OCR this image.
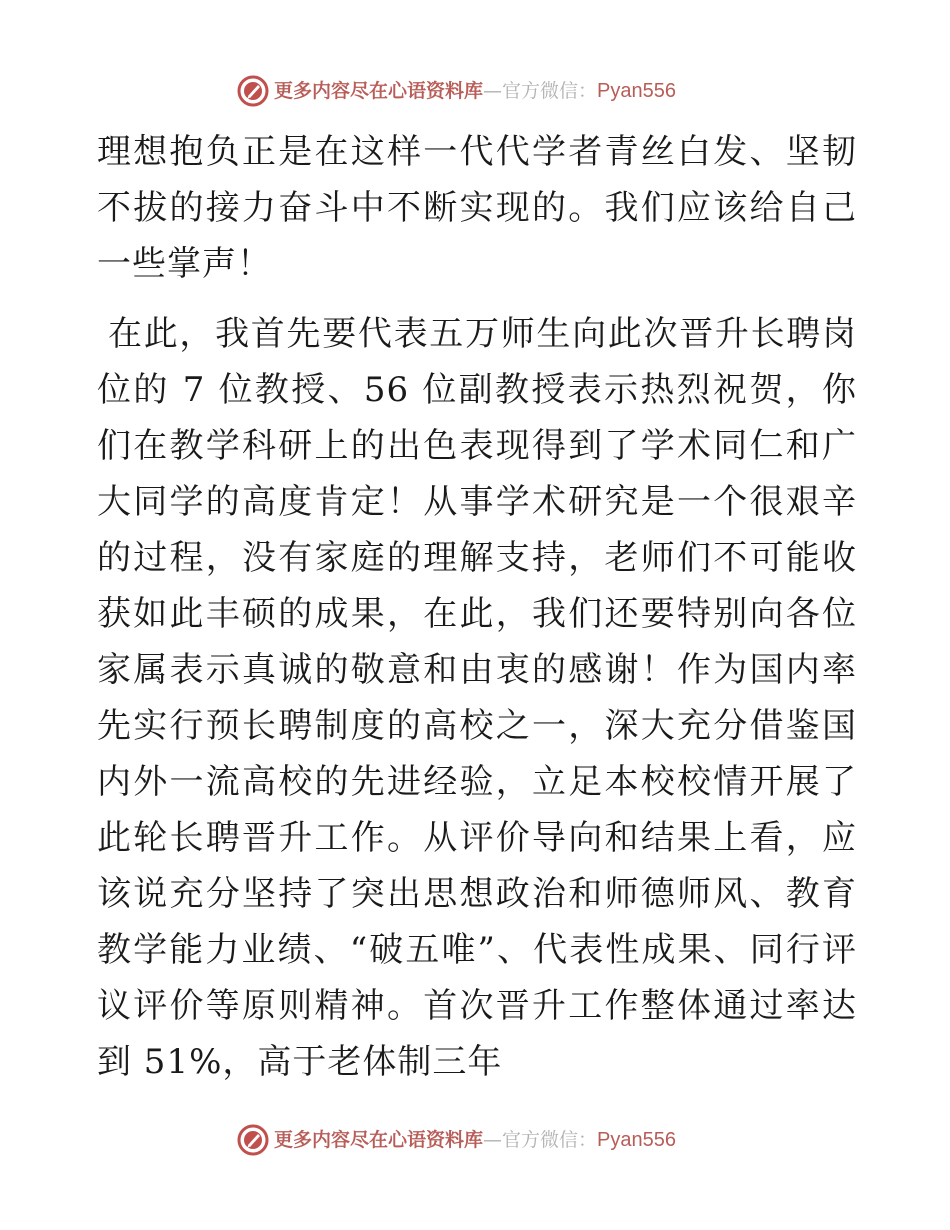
更多内容尽在心语资料库 — 官方微信： Pyan556

理想抱负正是在这样一代代学者青丝白发、坚韧不拔的接力奋斗中不断实现的。我们应该给自己一些掌声！

在此，我首先要代表五万师生向此次晋升长聘岗位的 7 位教授、56 位副教授表示热烈祝贺，你们在教学科研上的出色表现得到了学术同仁和广大同学的高度肯定！从事学术研究是一个很艰辛的过程，没有家庭的理解支持，老师们不可能收获如此丰硕的成果，在此，我们还要特别向各位家属表示真诚的敬意和由衷的感谢！作为国内率先实行预长聘制度的高校之一，深大充分借鉴国内外一流高校的先进经验，立足本校校情开展了此轮长聘晋升工作。从评价导向和结果上看，应该说充分坚持了突出思想政治和师德师风、教育教学能力业绩、“破五唯”、代表性成果、同行评议评价等原则精神。首次晋升工作整体通过率达到 51%，高于老体制三年

更多内容尽在心语资料库 — 官方微信： Pyan556
